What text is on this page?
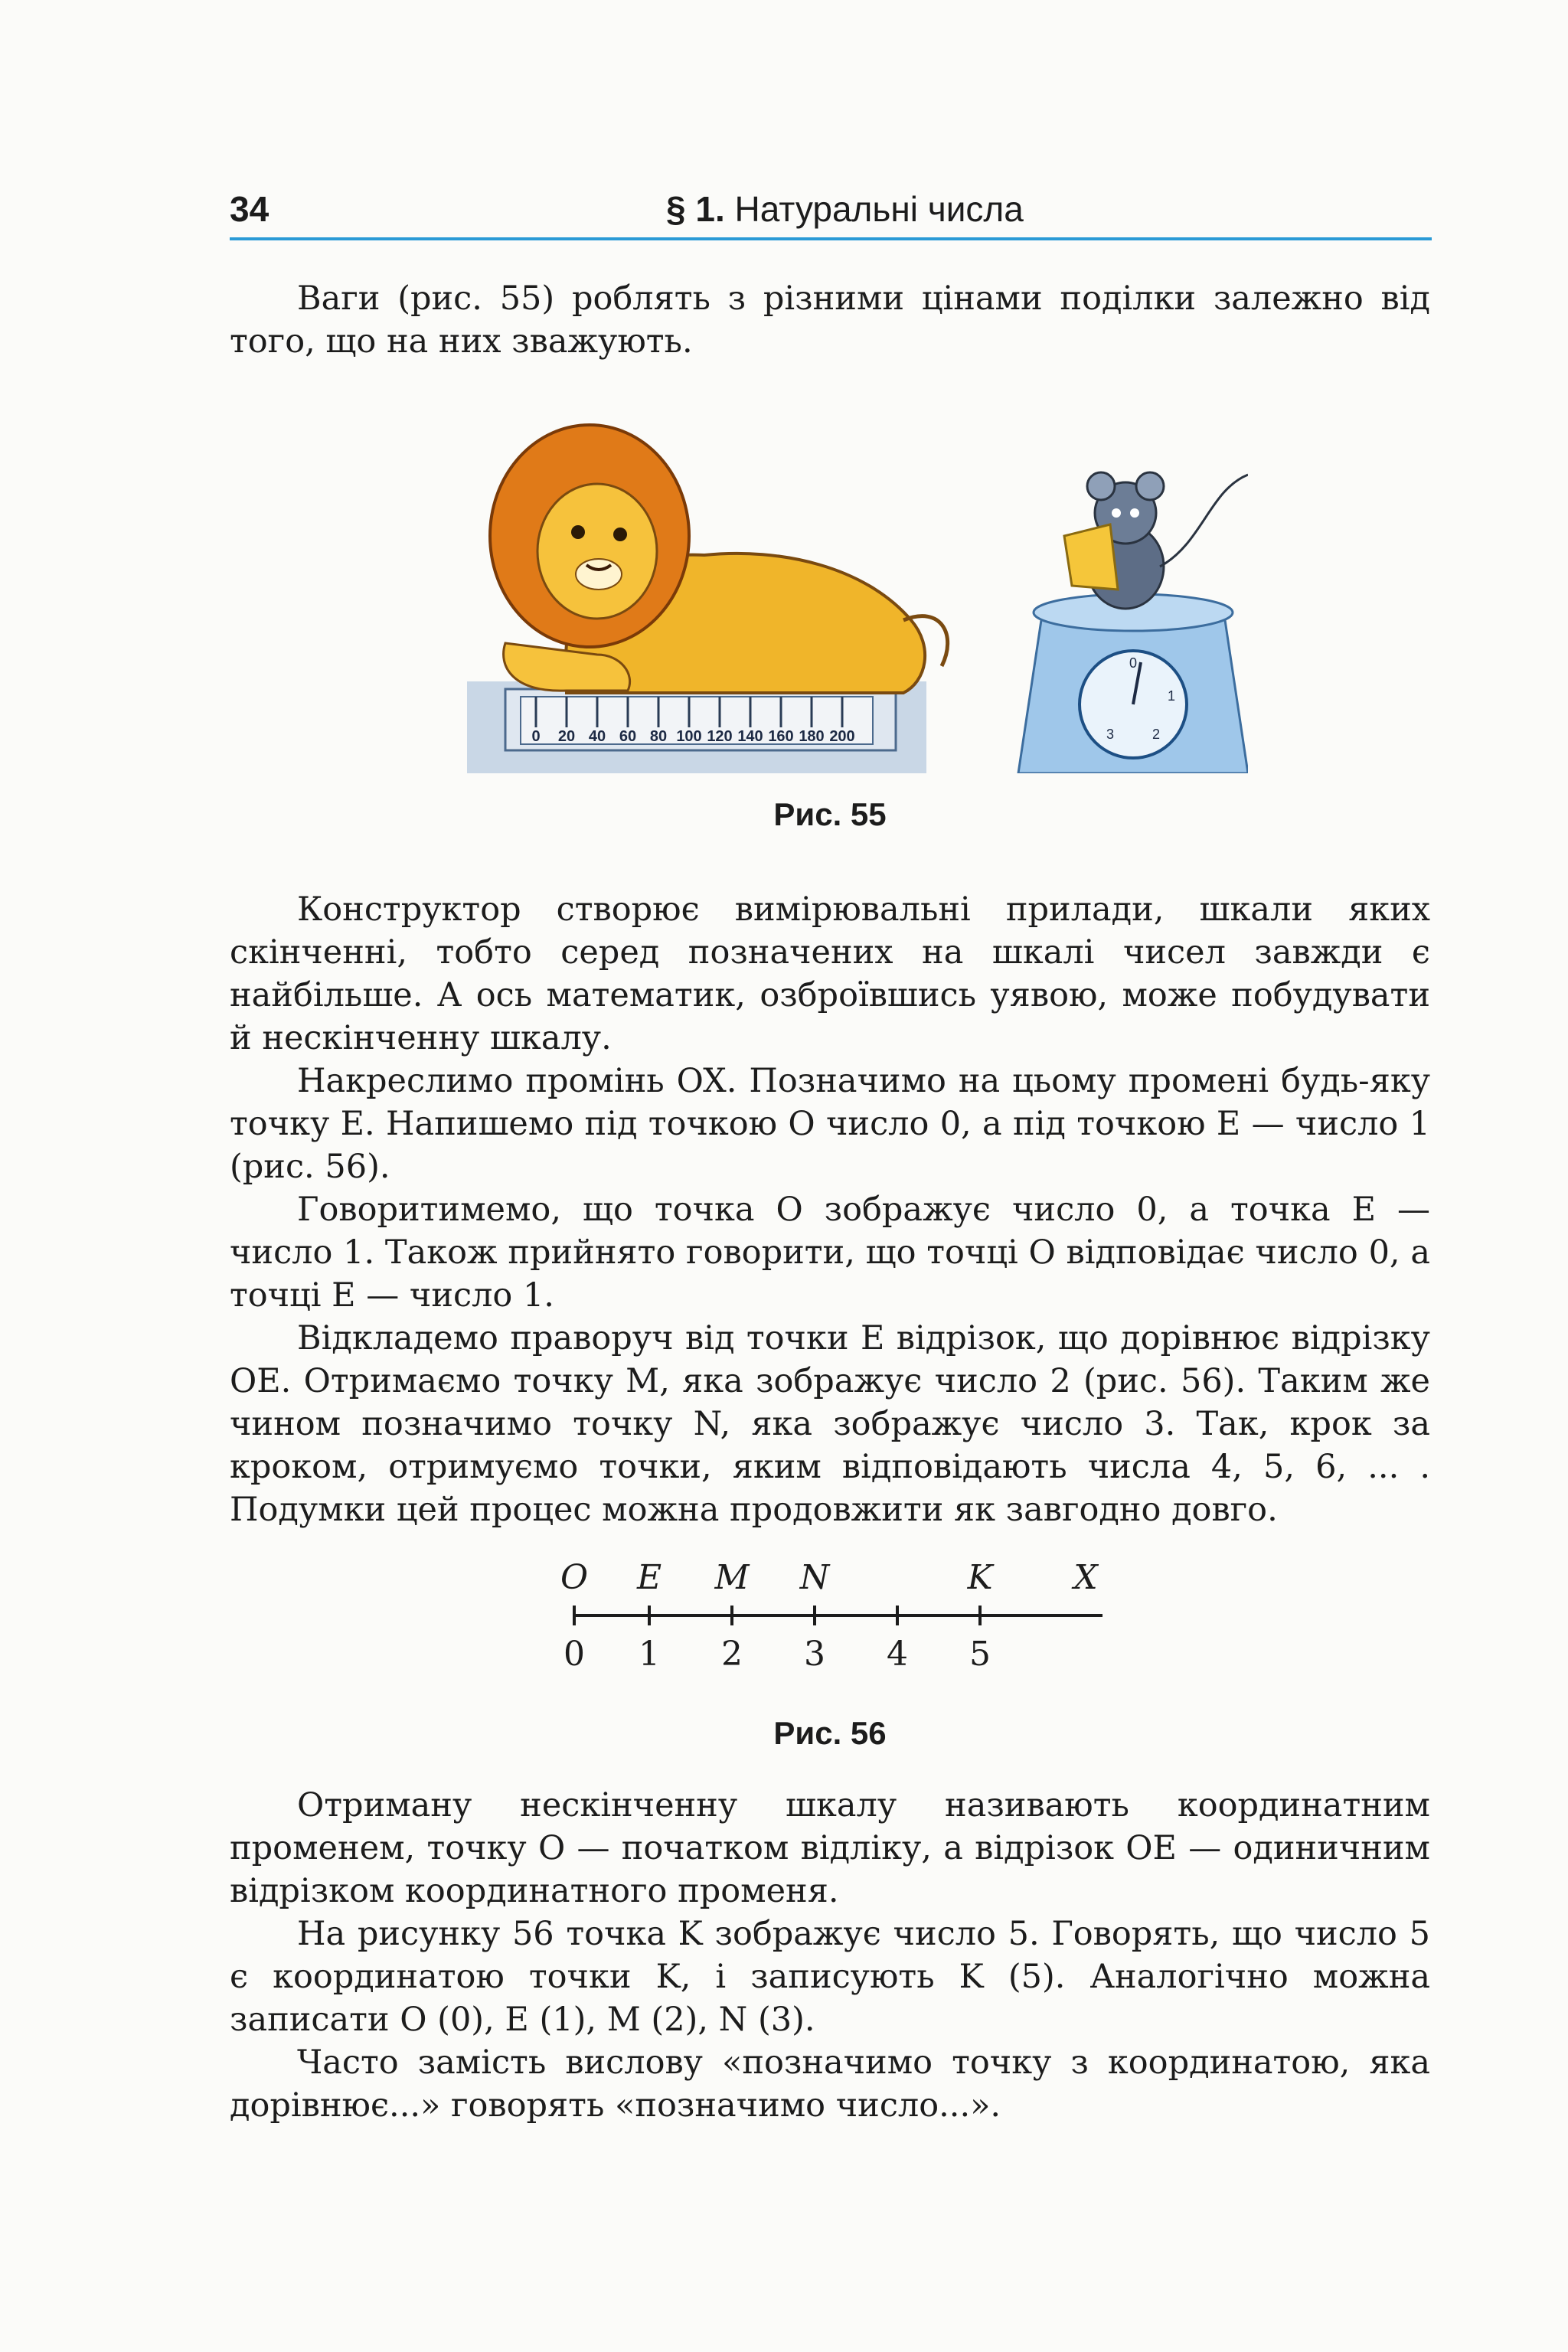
34	§ 1. Натуральні числа

Ваги (рис. 55) роблять з різними цінами поділки залежно від того, що на них зважують.

0 20 40 60 80 100 120 140 160 180 200
0
1
2
3
Рис. 55

Конструктор створює вимірювальні прилади, шкали яких скінченні, тобто серед позначених на шкалі чисел завжди є найбільше. А ось математик, озброївшись уявою, може побудувати й нескінченну шкалу.

Накреслимо промінь OX. Позначимо на цьому промені будь-яку точку E. Напишемо під точкою O число 0, а під точкою E — число 1 (рис. 56).

Говоритимемо, що точка O зображує число 0, а точка E — число 1. Також прийнято говорити, що точці O відповідає число 0, а точці E — число 1.

Відкладемо праворуч від точки E відрізок, що дорівнює відрізку OE. Отримаємо точку M, яка зображує число 2 (рис. 56). Таким же чином позначимо точку N, яка зображує число 3. Так, крок за кроком, отримуємо точки, яким відповідають числа 4, 5, 6, ... . Подумки цей процес можна продовжити як завгодно довго.

O E M N	K X
0 1 2 3 4 5
Рис. 56

Отриману нескінченну шкалу називають координатним променем, точку O — початком відліку, а відрізок OE — одиничним відрізком координатного променя.

На рисунку 56 точка K зображує число 5. Говорять, що число 5 є координатою точки K, і записують K (5). Аналогічно можна записати O (0), E (1), M (2), N (3).

Часто замість вислову «позначимо точку з координатою, яка дорівнює...» говорять «позначимо число...».
